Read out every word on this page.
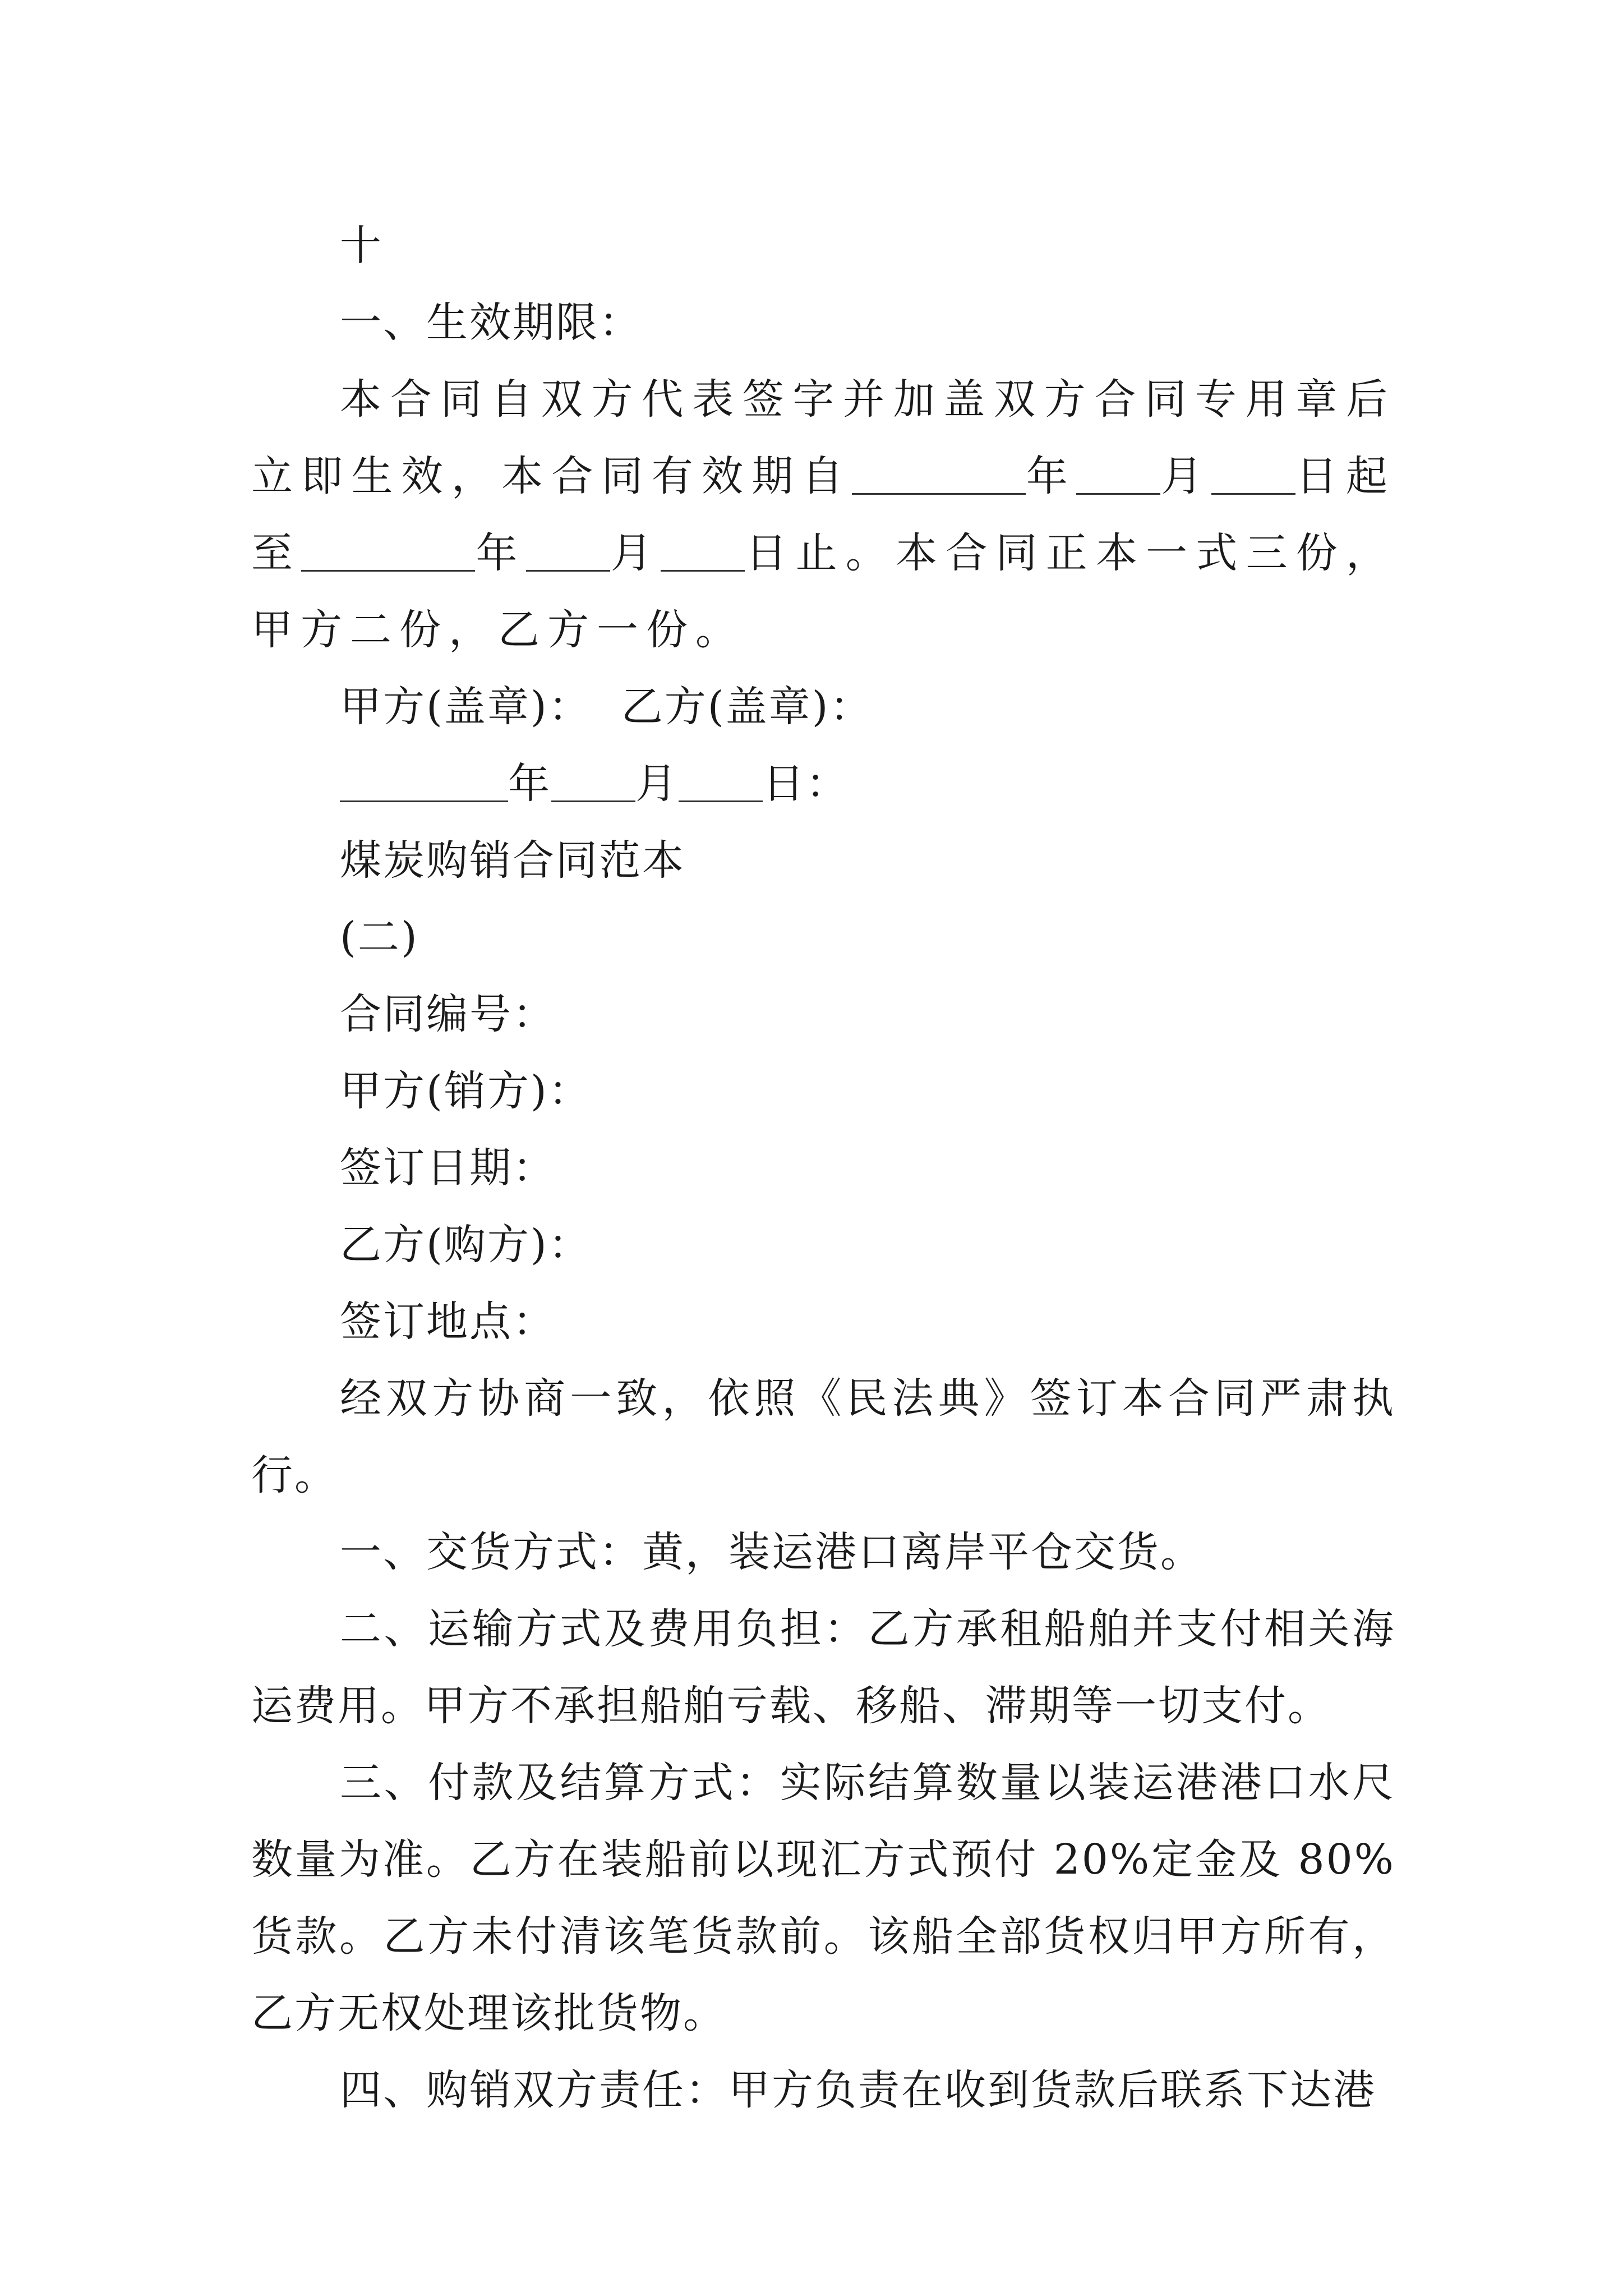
十

一、生效期限：

本合同自双方代表签字并加盖双方合同专用章后立即生效，本合同有效期自	年 月 日起至	年 月 日止。本合同正本一式三份，甲方二份，乙方一份。

甲方(盖章)：  乙方(盖章)：

年 月 日：

煤炭购销合同范本

(二)

合同编号：

甲方(销方)：

签订日期：

乙方(购方)：

签订地点：

经双方协商一致，依照《民法典》签订本合同严肃执行。

一、交货方式：黄，装运港口离岸平仓交货。

二、运输方式及费用负担：乙方承租船舶并支付相关海运费用。甲方不承担船舶亏载、移船、滞期等一切支付。

三、付款及结算方式：实际结算数量以装运港港口水尺数量为准。乙方在装船前以现汇方式预付 20%定金及 80%货款。乙方未付清该笔货款前。该船全部货权归甲方所有，乙方无权处理该批货物。

四、购销双方责任：甲方负责在收到货款后联系下达港
